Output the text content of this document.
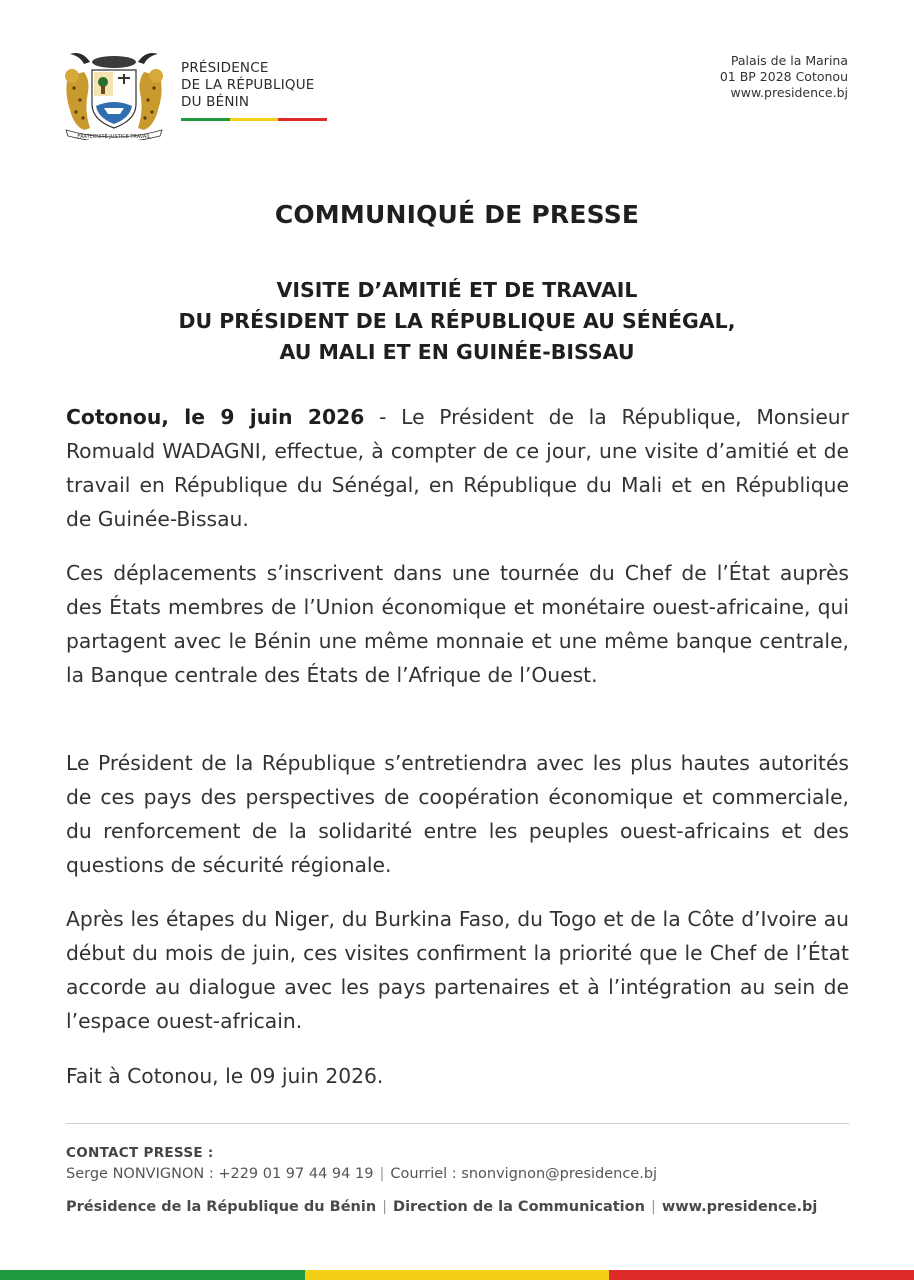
FRATERNITÉ JUSTICE TRAVAIL
PRÉSIDENCE
DE LA RÉPUBLIQUE
DU BÉNIN
Palais de la Marina
01 BP 2028 Cotonou
www.presidence.bj
COMMUNIQUÉ DE PRESSE
VISITE D’AMITIÉ ET DE TRAVAIL
DU PRÉSIDENT DE LA RÉPUBLIQUE AU SÉNÉGAL,
AU MALI ET EN GUINÉE-BISSAU

Cotonou, le 9 juin 2026 - Le Président de la République, Monsieur Romuald WADAGNI, effectue, à compter de ce jour, une visite d’amitié et de travail en République du Sénégal, en République du Mali et en République de Guinée-Bissau.

Ces déplacements s’inscrivent dans une tournée du Chef de l’État auprès des États membres de l’Union économique et monétaire ouest-africaine, qui partagent avec le Bénin une même monnaie et une même banque centrale, la Banque centrale des États de l’Afrique de l’Ouest.

Le Président de la République s’entretiendra avec les plus hautes autorités de ces pays des perspectives de coopération économique et commerciale, du renforcement de la solidarité entre les peuples ouest-africains et des questions de sécurité régionale.

Après les étapes du Niger, du Burkina Faso, du Togo et de la Côte d’Ivoire au début du mois de juin, ces visites confirment la priorité que le Chef de l’État accorde au dialogue avec les pays partenaires et à l’intégration au sein de l’espace ouest-africain.

Fait à Cotonou, le 09 juin 2026.

CONTACT PRESSE :
Serge NONVIGNON : +229 01 97 44 94 19 | Courriel : snonvignon@presidence.bj
Présidence de la République du Bénin | Direction de la Communication | www.presidence.bj
